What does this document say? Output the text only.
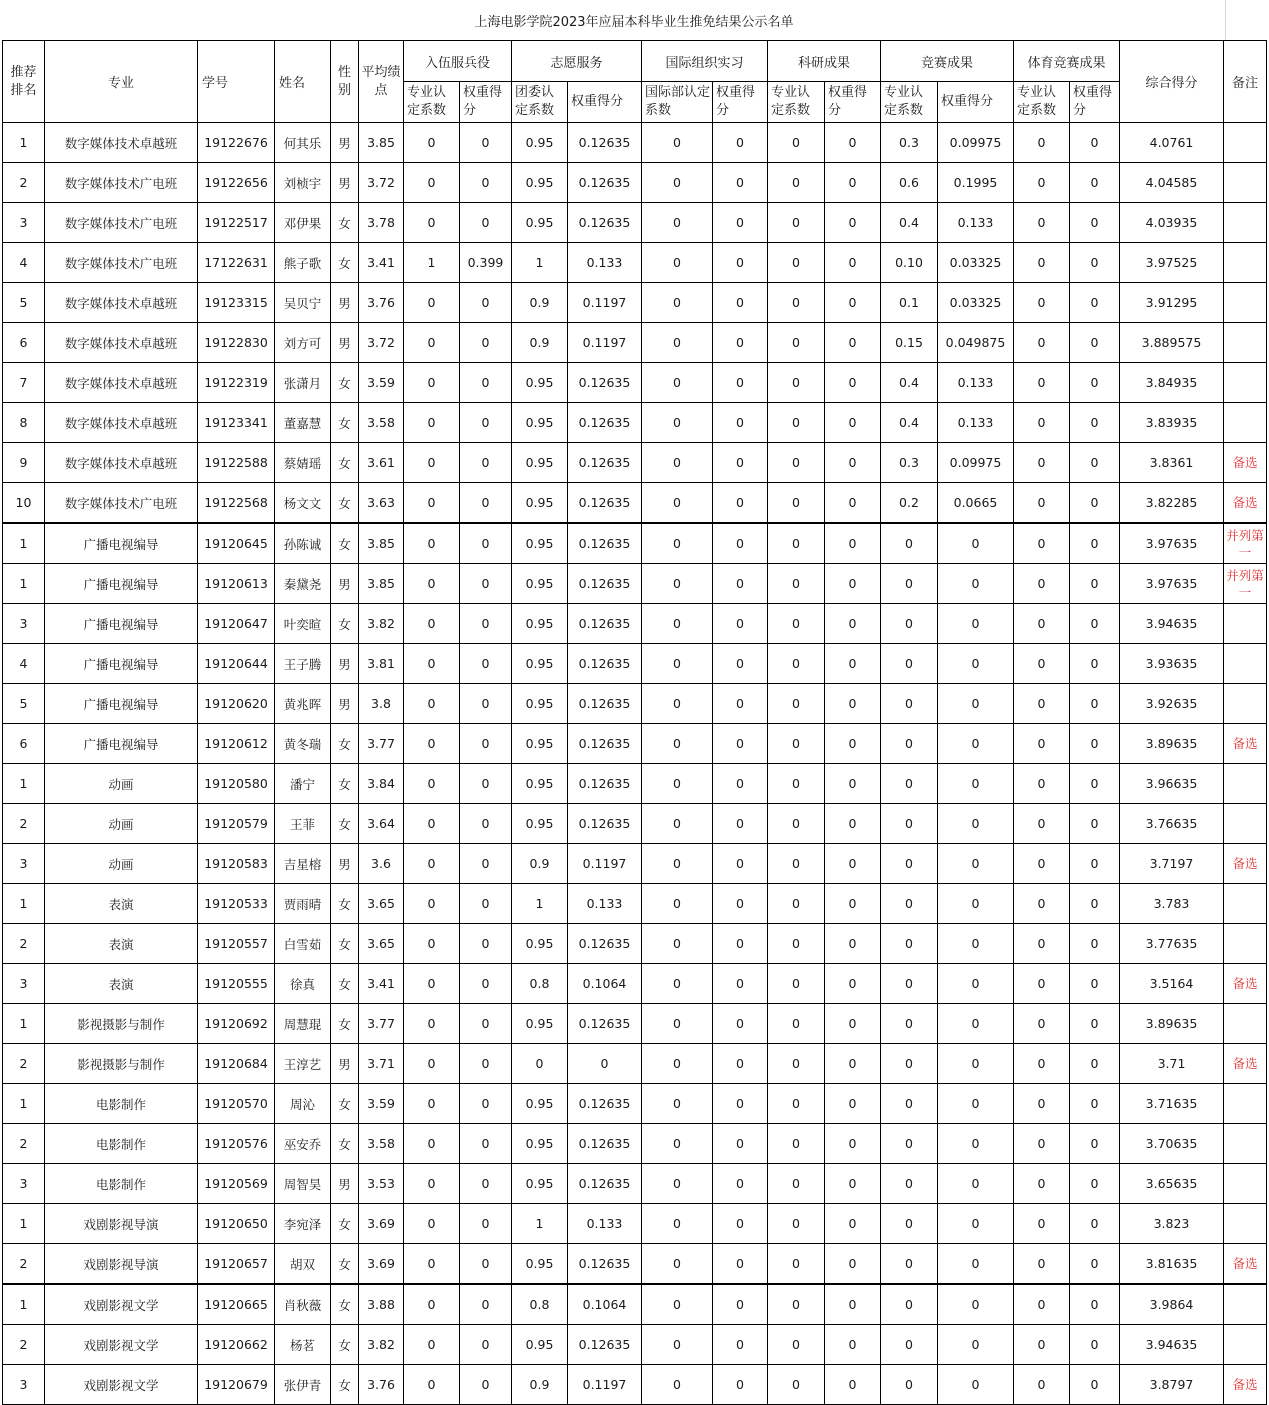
上海电影学院2023年应届本科毕业生推免结果公示名单
推荐排名	专业	学号	姓名	性别	平均绩点	入伍服兵役		志愿服务		国际组织实习		科研成果		竞赛成果		体育竞赛成果		综合得分	备注
						专业认定系数	权重得分	团委认定系数	权重得分	国际部认定系数	权重得分	专业认定系数	权重得分	专业认定系数	权重得分	专业认定系数	权重得分		
1	数字媒体技术卓越班	19122676	何其乐	男	3.85	0	0	0.95	0.12635	0	0	0	0	0.3	0.09975	0	0	4.0761	
2	数字媒体技术广电班	19122656	刘桢宇	男	3.72	0	0	0.95	0.12635	0	0	0	0	0.6	0.1995	0	0	4.04585	
3	数字媒体技术广电班	19122517	邓伊果	女	3.78	0	0	0.95	0.12635	0	0	0	0	0.4	0.133	0	0	4.03935	
4	数字媒体技术广电班	17122631	熊子歌	女	3.41	1	0.399	1	0.133	0	0	0	0	0.10	0.03325	0	0	3.97525	
5	数字媒体技术卓越班	19123315	吴贝宁	男	3.76	0	0	0.9	0.1197	0	0	0	0	0.1	0.03325	0	0	3.91295	
6	数字媒体技术卓越班	19122830	刘方可	男	3.72	0	0	0.9	0.1197	0	0	0	0	0.15	0.049875	0	0	3.889575	
7	数字媒体技术卓越班	19122319	张潇月	女	3.59	0	0	0.95	0.12635	0	0	0	0	0.4	0.133	0	0	3.84935	
8	数字媒体技术卓越班	19123341	董嘉慧	女	3.58	0	0	0.95	0.12635	0	0	0	0	0.4	0.133	0	0	3.83935	
9	数字媒体技术卓越班	19122588	蔡婧瑶	女	3.61	0	0	0.95	0.12635	0	0	0	0	0.3	0.09975	0	0	3.8361	备选
10	数字媒体技术广电班	19122568	杨文文	女	3.63	0	0	0.95	0.12635	0	0	0	0	0.2	0.0665	0	0	3.82285	备选
1	广播电视编导	19120645	孙陈诚	女	3.85	0	0	0.95	0.12635	0	0	0	0	0	0	0	0	3.97635	并列第一
1	广播电视编导	19120613	秦黛尧	男	3.85	0	0	0.95	0.12635	0	0	0	0	0	0	0	0	3.97635	并列第一
3	广播电视编导	19120647	叶奕暄	女	3.82	0	0	0.95	0.12635	0	0	0	0	0	0	0	0	3.94635	
4	广播电视编导	19120644	王子腾	男	3.81	0	0	0.95	0.12635	0	0	0	0	0	0	0	0	3.93635	
5	广播电视编导	19120620	黄兆晖	男	3.8	0	0	0.95	0.12635	0	0	0	0	0	0	0	0	3.92635	
6	广播电视编导	19120612	黄冬瑞	女	3.77	0	0	0.95	0.12635	0	0	0	0	0	0	0	0	3.89635	备选
1	动画	19120580	潘宁	女	3.84	0	0	0.95	0.12635	0	0	0	0	0	0	0	0	3.96635	
2	动画	19120579	王菲	女	3.64	0	0	0.95	0.12635	0	0	0	0	0	0	0	0	3.76635	
3	动画	19120583	吉星榕	男	3.6	0	0	0.9	0.1197	0	0	0	0	0	0	0	0	3.7197	备选
1	表演	19120533	贾雨晴	女	3.65	0	0	1	0.133	0	0	0	0	0	0	0	0	3.783	
2	表演	19120557	白雪茹	女	3.65	0	0	0.95	0.12635	0	0	0	0	0	0	0	0	3.77635	
3	表演	19120555	徐真	女	3.41	0	0	0.8	0.1064	0	0	0	0	0	0	0	0	3.5164	备选
1	影视摄影与制作	19120692	周慧琨	女	3.77	0	0	0.95	0.12635	0	0	0	0	0	0	0	0	3.89635	
2	影视摄影与制作	19120684	王淳艺	男	3.71	0	0	0	0	0	0	0	0	0	0	0	0	3.71	备选
1	电影制作	19120570	周沁	女	3.59	0	0	0.95	0.12635	0	0	0	0	0	0	0	0	3.71635	
2	电影制作	19120576	巫安乔	女	3.58	0	0	0.95	0.12635	0	0	0	0	0	0	0	0	3.70635	
3	电影制作	19120569	周智昊	男	3.53	0	0	0.95	0.12635	0	0	0	0	0	0	0	0	3.65635	
1	戏剧影视导演	19120650	李宛泽	女	3.69	0	0	1	0.133	0	0	0	0	0	0	0	0	3.823	
2	戏剧影视导演	19120657	胡双	女	3.69	0	0	0.95	0.12635	0	0	0	0	0	0	0	0	3.81635	备选
1	戏剧影视文学	19120665	肖秋薇	女	3.88	0	0	0.8	0.1064	0	0	0	0	0	0	0	0	3.9864	
2	戏剧影视文学	19120662	杨茗	女	3.82	0	0	0.95	0.12635	0	0	0	0	0	0	0	0	3.94635	
3	戏剧影视文学	19120679	张伊青	女	3.76	0	0	0.9	0.1197	0	0	0	0	0	0	0	0	3.8797	备选
